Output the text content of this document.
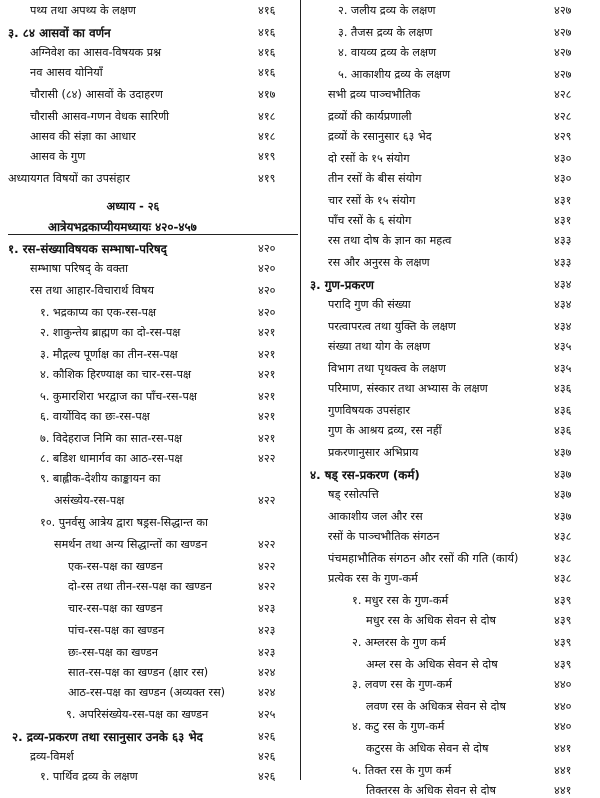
पथ्य तथा अपथ्य के लक्षण	४१६
३. ८४ आसवों का वर्णन	४१६
अग्निवेश का आसव-विषयक प्रश्न	४१६
नव आसव योनियाँ	४१६
चौरासी (८४) आसवों के उदाहरण	४१७
चौरासी आसव-गणन वेधक सारिणी	४१८
आसव की संज्ञा का आधार	४१८
आसव के गुण	४१९
अध्यायगत विषयों का उपसंहार	४१९
अध्याय - २६
आत्रेयभद्रकाप्यीयमध्यायः ४२०-४५७
१. रस-संख्याविषयक सम्भाषा-परिषद्	४२०
सम्भाषा परिषद् के वक्ता	४२०
रस तथा आहार-विचारार्थ विषय	४२०
१. भद्रकाप्य का एक-रस-पक्ष	४२०
२. शाकुन्तेय ब्राह्मण का दो-रस-पक्ष	४२१
३. मौद्गल्य पूर्णाक्ष का तीन-रस-पक्ष	४२१
४. कौशिक हिरण्याक्ष का चार-रस-पक्ष	४२१
५. कुमारशिरा भरद्वाज का पाँच-रस-पक्ष	४२१
६. वार्योविद का छः-रस-पक्ष	४२१
७. विदेहराज निमि का सात-रस-पक्ष	४२१
८. बडिश धामार्गव का आठ-रस-पक्ष	४२२
९. बाह्लीक-देशीय काङ्कायन का
असंख्येय-रस-पक्ष	४२२
१०. पुनर्वसु आत्रेय द्वारा षड्रस-सिद्धान्त का
समर्थन तथा अन्य सिद्धान्तों का खण्डन	४२२
एक-रस-पक्ष का खण्डन	४२२
दो-रस तथा तीन-रस-पक्ष का खण्डन	४२२
चार-रस-पक्ष का खण्डन	४२३
पांच-रस-पक्ष का खण्डन	४२३
छः-रस-पक्ष का खण्डन	४२३
सात-रस-पक्ष का खण्डन (क्षार रस)	४२४
आठ-रस-पक्ष का खण्डन (अव्यक्त रस)	४२४
९. अपरिसंख्येय-रस-पक्ष का खण्डन	४२५
२. द्रव्य-प्रकरण तथा रसानुसार उनके ६३ भेद	४२६
द्रव्य-विमर्श	४२६
१. पार्थिव द्रव्य के लक्षण	४२६
२. जलीय द्रव्य के लक्षण	४२७
३. तैजस द्रव्य के लक्षण	४२७
४. वायव्य द्रव्य के लक्षण	४२७
५. आकाशीय द्रव्य के लक्षण	४२७
सभी द्रव्य पाञ्चभौतिक	४२८
द्रव्यों की कार्यप्रणाली	४२८
द्रव्यों के रसानुसार ६३ भेद	४२९
दो रसों के १५ संयोग	४३०
तीन रसों के बीस संयोग	४३०
चार रसों के १५ संयोग	४३१
पाँच रसों के ६ संयोग	४३१
रस तथा दोष के ज्ञान का महत्व	४३३
रस और अनुरस के लक्षण	४३३
३. गुण-प्रकरण	४३४
परादि गुण की संख्या	४३४
परत्वापरत्व तथा युक्ति के लक्षण	४३४
संख्या तथा योग के लक्षण	४३५
विभाग तथा पृथक्त्व के लक्षण	४३५
परिमाण, संस्कार तथा अभ्यास के लक्षण	४३६
गुणविषयक उपसंहार	४३६
गुण के आश्रय द्रव्य, रस नहीं	४३६
प्रकरणानुसार अभिप्राय	४३७
४. षड् रस-प्रकरण (कर्म)	४३७
षड् रसोत्पत्ति	४३७
आकाशीय जल और रस	४३७
रसों के पाञ्चभौतिक संगठन	४३८
पंचमहाभौतिक संगठन और रसों की गति (कार्य)	४३८
प्रत्येक रस के गुण-कर्म	४३८
१. मधुर रस के गुण-कर्म	४३९
मधुर रस के अधिक सेवन से दोष	४३९
२. अम्लरस के गुण कर्म	४३९
अम्ल रस के अधिक सेवन से दोष	४३९
३. लवण रस के गुण-कर्म	४४०
लवण रस के अधिकत्र सेवन से दोष	४४०
४. कटु रस के गुण-कर्म	४४०
कटुरस के अधिक सेवन से दोष	४४१
५. तिक्त रस के गुण कर्म	४४१
तिक्तरस के अधिक सेवन से दोष	४४१
